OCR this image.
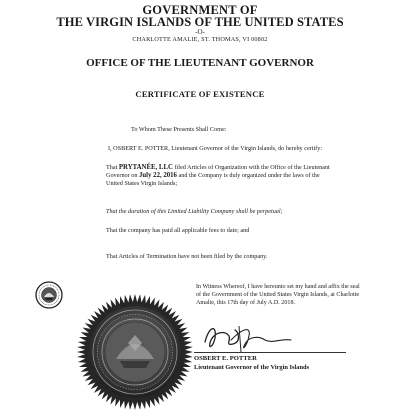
GOVERNMENT OF
THE VIRGIN ISLANDS OF THE UNITED STATES
-O-
CHARLOTTE AMALIE, ST. THOMAS, VI 00802
OFFICE OF THE LIEUTENANT GOVERNOR
CERTIFICATE OF EXISTENCE
To Whom These Presents Shall Come:
I, OSBERT E. POTTER, Lieutenant Governor of the Virgin Islands, do hereby certify:
That PRYTANÉE, LLC filed Articles of Organization with the Office of the Lieutenant Governor on July 22, 2016 and the Company is duly organized under the laws of the United States Virgin Islands;
That the duration of this Limited Liability Company shall be perpetual;
That the company has paid all applicable fees to date; and
That Articles of Termination have not been filed by the company.
In Witness Whereof, I have hereunto set my hand and affix the seal of the Government of the United States Virgin Islands, at Charlotte Amalie, this 17th day of July A.D. 2018.
OSBERT E. POTTER
Lieutenant Governor of the Virgin Islands
